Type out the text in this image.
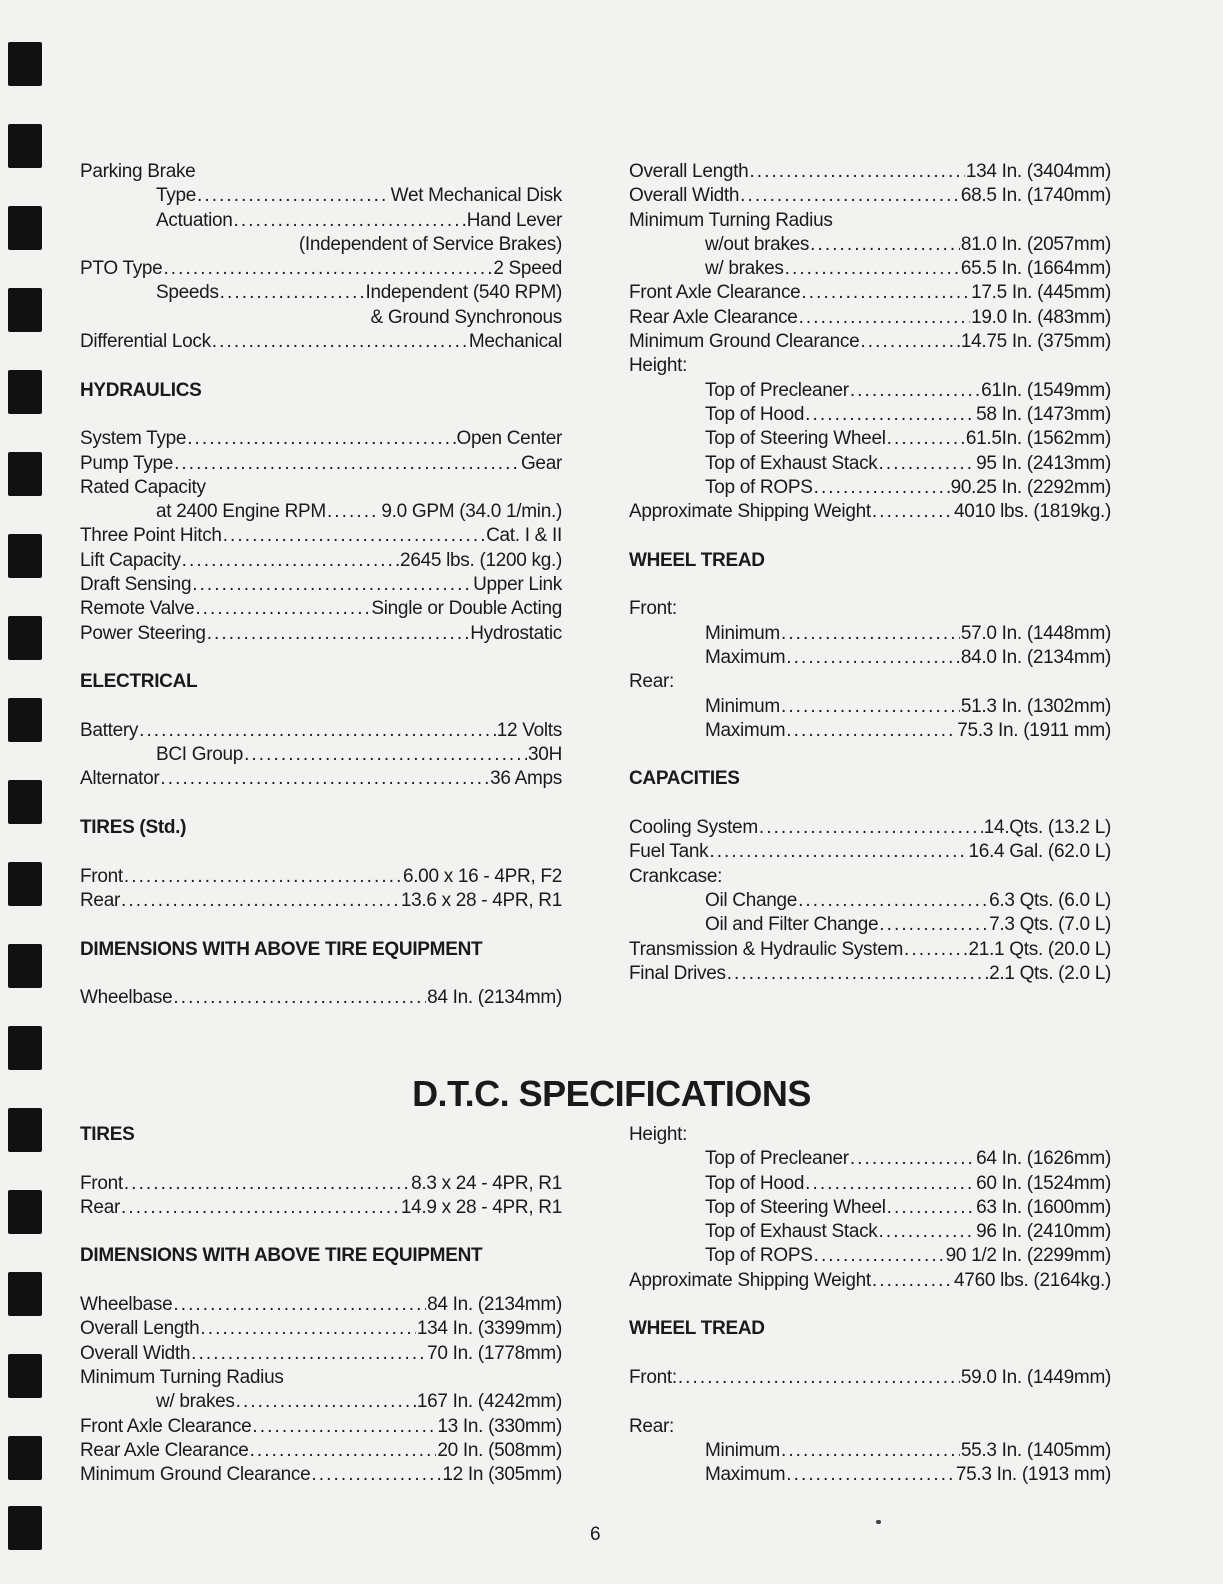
Parking Brake
Type . . .	Wet Mechanical Disk
Actuation . . .	Hand Lever
(Independent of Service Brakes)
PTO Type . . .	2 Speed
Speeds . . .	Independent (540 RPM)
& Ground Synchronous
Differential Lock . . .	Mechanical
HYDRAULICS
System Type . . .	Open Center
Pump Type . . .	Gear
Rated Capacity
at 2400 Engine RPM . . .	9.0 GPM (34.0 1/min.)
Three Point Hitch . . .	Cat. I & II
Lift Capacity . . .	2645 lbs. (1200 kg.)
Draft Sensing . . .	Upper Link
Remote Valve . . .	Single or Double Acting
Power Steering . . .	Hydrostatic
ELECTRICAL
Battery . . .	12 Volts
BCI Group . . .	30H
Alternator . . .	36 Amps
TIRES (Std.)
Front . . .	6.00 x 16 - 4PR, F2
Rear . . .	13.6 x 28 - 4PR, R1
DIMENSIONS WITH ABOVE TIRE EQUIPMENT
Wheelbase . . .	84 In. (2134mm)
Overall Length . . .	134 In. (3404mm)
Overall Width . . .	68.5 In. (1740mm)
Minimum Turning Radius
w/out brakes . . .	81.0 In. (2057mm)
w/ brakes . . .	65.5 In. (1664mm)
Front Axle Clearance . . .	17.5 In. (445mm)
Rear Axle Clearance . . .	19.0 In. (483mm)
Minimum Ground Clearance . . .	14.75 In. (375mm)
Height:
Top of Precleaner . . .	61In. (1549mm)
Top of Hood . . .	58 In. (1473mm)
Top of Steering Wheel . . .	61.5In. (1562mm)
Top of Exhaust Stack . . .	95 In. (2413mm)
Top of ROPS . . .	90.25 In. (2292mm)
Approximate Shipping Weight . . .	4010 lbs. (1819kg.)
WHEEL TREAD
Front:
Minimum . . .	57.0 In. (1448mm)
Maximum . . .	84.0 In. (2134mm)
Rear:
Minimum . . .	51.3 In. (1302mm)
Maximum . . .	75.3 In. (1911 mm)
CAPACITIES
Cooling System . . .	14.Qts. (13.2 L)
Fuel Tank . . .	16.4 Gal. (62.0 L)
Crankcase:
Oil Change . . .	6.3 Qts. (6.0 L)
Oil and Filter Change . . .	7.3 Qts. (7.0 L)
Transmission & Hydraulic System . . .	21.1 Qts. (20.0 L)
Final Drives . . .	2.1 Qts. (2.0 L)
D.T.C. SPECIFICATIONS
TIRES
Front . . .	8.3 x 24 - 4PR, R1
Rear . . .	14.9 x 28 - 4PR, R1
DIMENSIONS WITH ABOVE TIRE EQUIPMENT
Wheelbase . . .	84 In. (2134mm)
Overall Length . . .	134 In. (3399mm)
Overall Width . . .	70 In. (1778mm)
Minimum Turning Radius
w/ brakes . . .	167 In. (4242mm)
Front Axle Clearance . . .	13 In. (330mm)
Rear Axle Clearance . . .	20 In. (508mm)
Minimum Ground Clearance . . .	12 In (305mm)
Height:
Top of Precleaner . . .	64 In. (1626mm)
Top of Hood . . .	60 In. (1524mm)
Top of Steering Wheel . . .	63 In. (1600mm)
Top of Exhaust Stack . . .	96 In. (2410mm)
Top of ROPS . . .	90 1/2 In. (2299mm)
Approximate Shipping Weight . . .	4760 lbs. (2164kg.)
WHEEL TREAD
Front: . . .	59.0 In. (1449mm)
Rear:
Minimum . . .	55.3 In. (1405mm)
Maximum . . .	75.3 In. (1913 mm)
6
